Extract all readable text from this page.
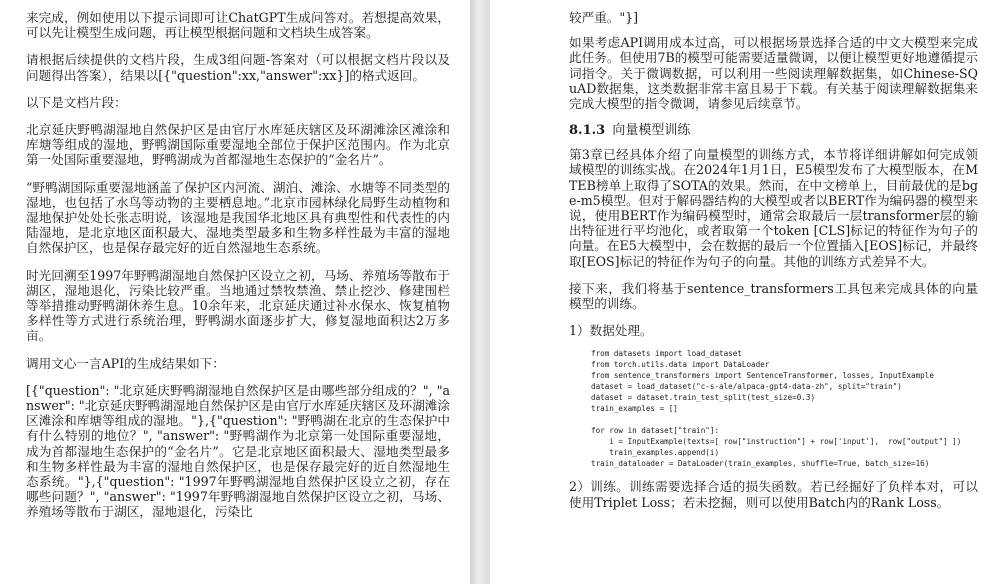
来完成，例如使用以下提示词即可让ChatGPT生成问答对。若想提高效果，可以先让模型生成问题，再让模型根据问题和文档块生成答案。

请根据后续提供的文档片段，生成3组问题-答案对（可以根据文档片段以及问题得出答案），结果以[{"question":xx,"answer":xx}]的格式返回。

以下是文档片段：

北京延庆野鸭湖湿地自然保护区是由官厅水库延庆辖区及环湖滩涂区滩涂和库塘等组成的湿地，野鸭湖国际重要湿地全部位于保护区范围内。作为北京第一处国际重要湿地，野鸭湖成为首都湿地生态保护的“金名片”。

“野鸭湖国际重要湿地涵盖了保护区内河流、湖泊、滩涂、水塘等不同类型的湿地，也包括了水鸟等动物的主要栖息地。”北京市园林绿化局野生动植物和湿地保护处处长张志明说，该湿地是我国华北地区具有典型性和代表性的内陆湿地，是北京地区面积最大、湿地类型最多和生物多样性最为丰富的湿地自然保护区，也是保存最完好的近自然湿地生态系统。

时光回溯至1997年野鸭湖湿地自然保护区设立之初，马场、养殖场等散布于湖区，湿地退化，污染比较严重。当地通过禁牧禁渔、禁止挖沙、修建围栏等举措推动野鸭湖休养生息。10余年来，北京延庆通过补水保水、恢复植物多样性等方式进行系统治理，野鸭湖水面逐步扩大，修复湿地面积达2万多亩。

调用文心一言API的生成结果如下：

[{"question": "北京延庆野鸭湖湿地自然保护区是由哪些部分组成的？", "answer": "北京延庆野鸭湖湿地自然保护区是由官厅水库延庆辖区及环湖滩涂区滩涂和库塘等组成的湿地。"},{"question": "野鸭湖在北京的生态保护中有什么特别的地位？", "answer": "野鸭湖作为北京第一处国际重要湿地，成为首都湿地生态保护的“金名片”。它是北京地区面积最大、湿地类型最多和生物多样性最为丰富的湿地自然保护区，也是保存最完好的近自然湿地生态系统。"},{"question": "1997年野鸭湖湿地自然保护区设立之初，存在哪些问题？", "answer": "1997年野鸭湖湿地自然保护区设立之初，马场、养殖场等散布于湖区，湿地退化，污染比

较严重。"}]

如果考虑API调用成本过高，可以根据场景选择合适的中文大模型来完成此任务。但使用7B的模型可能需要适量微调，以便让模型更好地遵循提示词指令。关于微调数据，可以利用一些阅读理解数据集，如Chinese-SQuAD数据集，这类数据非常丰富且易于下载。有关基于阅读理解数据集来完成大模型的指令微调，请参见后续章节。

8.1.3 向量模型训练

第3章已经具体介绍了向量模型的训练方式，本节将详细讲解如何完成领域模型的训练实战。在2024年1月1日，E5模型发布了大模型版本，在MTEB榜单上取得了SOTA的效果。然而，在中文榜单上，目前最优的是bge-m5模型。但对于解码器结构的大模型或者以BERT作为编码器的模型来说，使用BERT作为编码模型时，通常会取最后一层transformer层的输出特征进行平均池化，或者取第一个token [CLS]标记的特征作为句子的向量。在E5大模型中，会在数据的最后一个位置插入[EOS]标记，并最终取[EOS]标记的特征作为句子的向量。其他的训练方式差异不大。

接下来，我们将基于sentence_transformers工具包来完成具体的向量模型的训练。

1）数据处理。

from datasets import load_dataset
from torch.utils.data import DataLoader
from sentence_transformers import SentenceTransformer, losses, InputExample
dataset = load_dataset("c-s-ale/alpaca-gpt4-data-zh", split="train")
dataset = dataset.train_test_split(test_size=0.3)
train_examples = []

for row in dataset["train"]:
i = InputExample(texts=[ row["instruction"] + row['input'],  row["output"] ])
train_examples.append(i)
train_dataloader = DataLoader(train_examples, shuffle=True, batch_size=16)

2）训练。训练需要选择合适的损失函数。若已经掘好了负样本对，可以使用Triplet Loss；若未挖掘，则可以使用Batch内的Rank Loss。
